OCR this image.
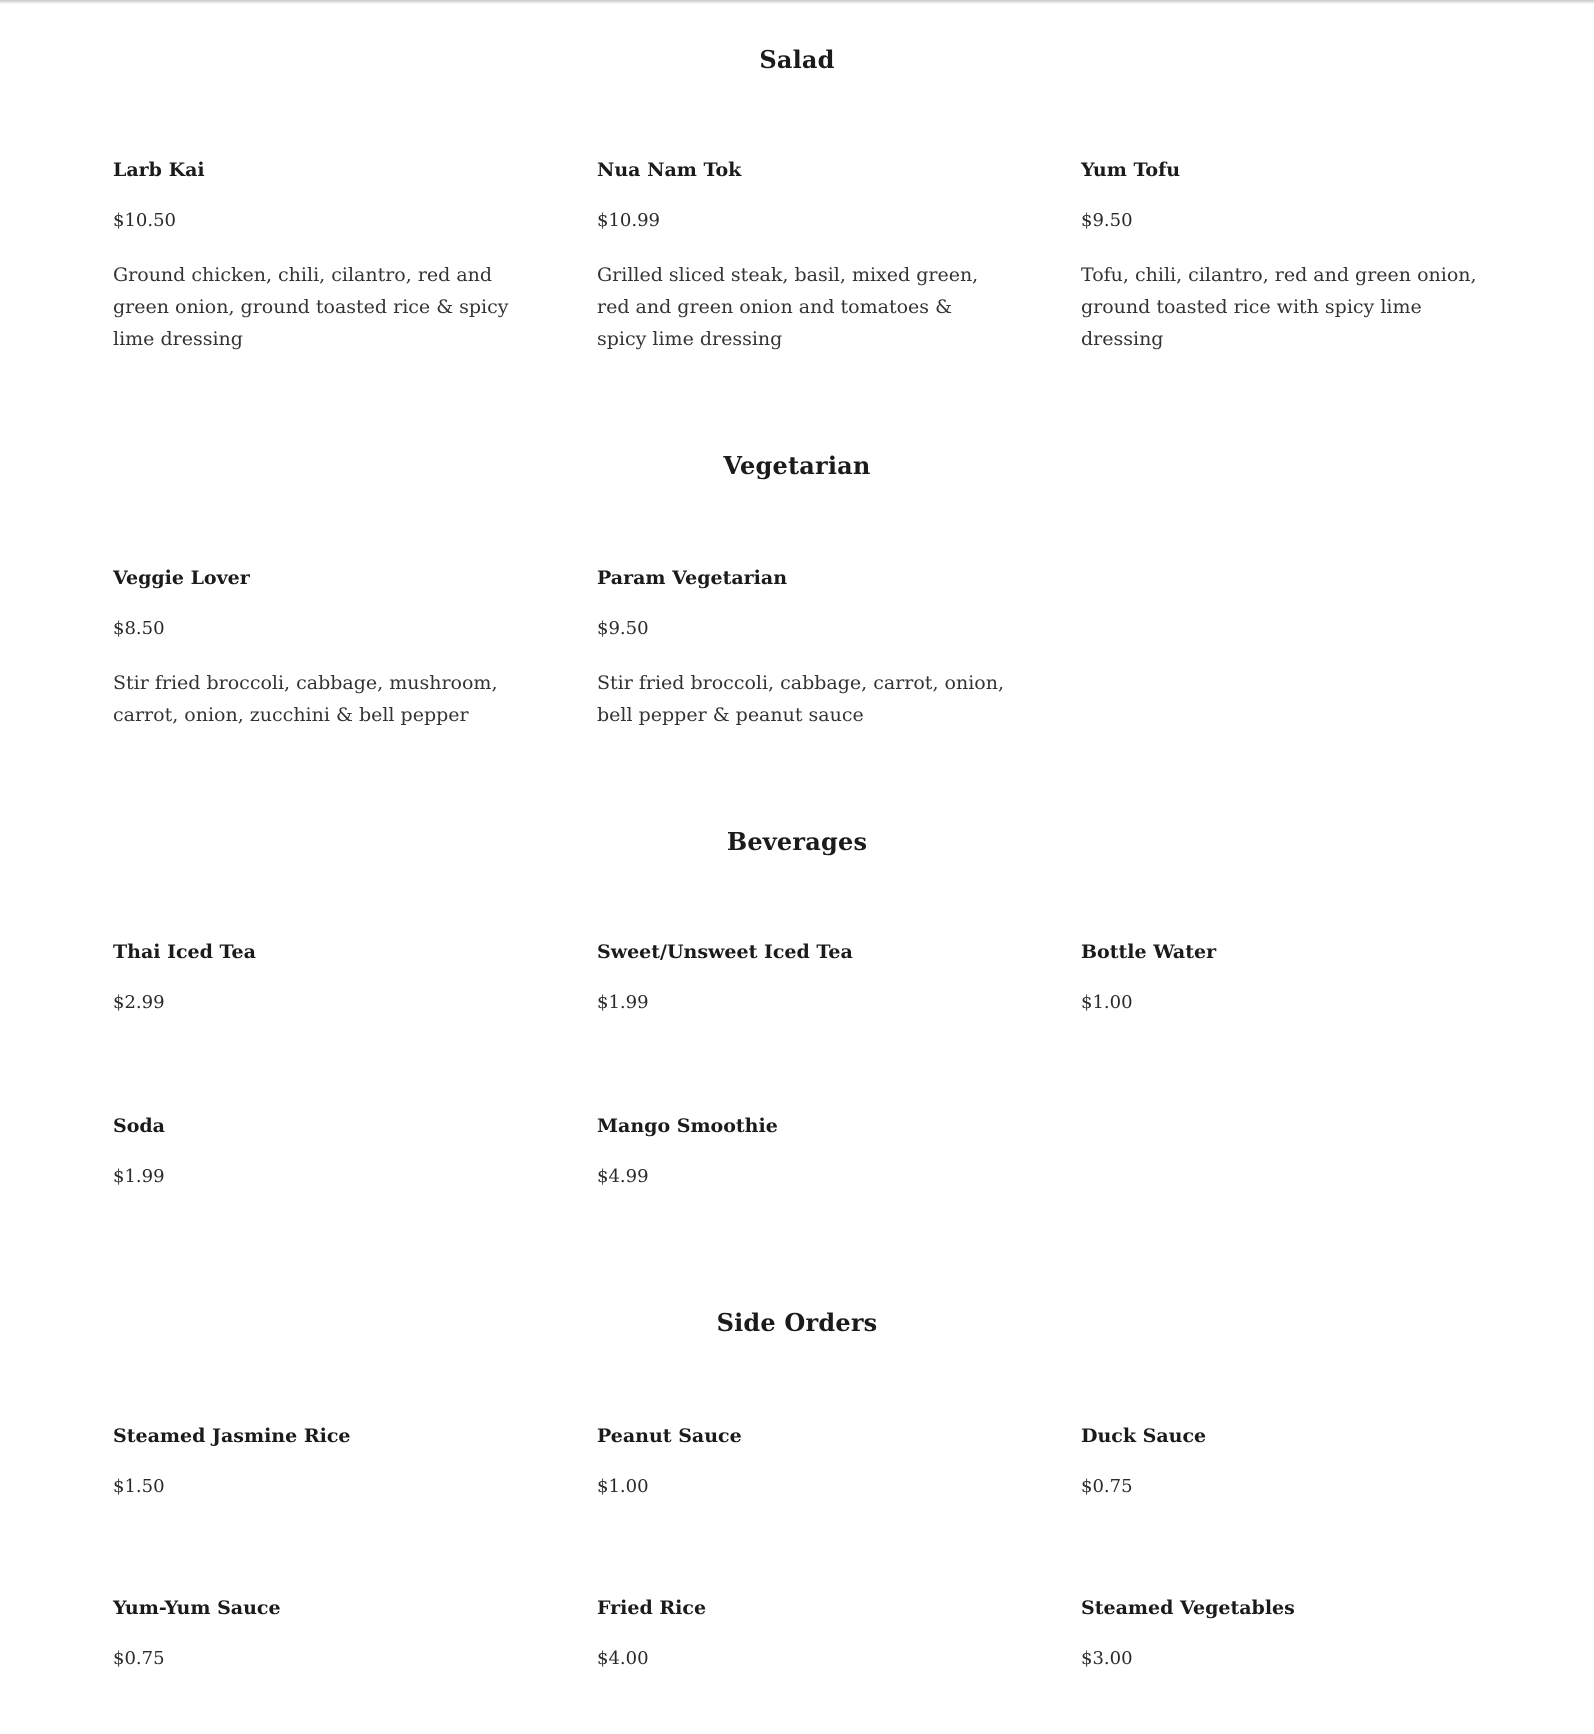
Salad

Larb Kai

$10.50

Ground chicken, chili, cilantro, red and green onion, ground toasted rice & spicy lime dressing

Nua Nam Tok

$10.99

Grilled sliced steak, basil, mixed green, red and green onion and tomatoes & spicy lime dressing

Yum Tofu

$9.50

Tofu, chili, cilantro, red and green onion, ground toasted rice with spicy lime dressing

Vegetarian

Veggie Lover

$8.50

Stir fried broccoli, cabbage, mushroom, carrot, onion, zucchini & bell pepper

Param Vegetarian

$9.50

Stir fried broccoli, cabbage, carrot, onion, bell pepper & peanut sauce

Beverages

Thai Iced Tea

$2.99

Sweet/Unsweet Iced Tea

$1.99

Bottle Water

$1.00

Soda

$1.99

Mango Smoothie

$4.99

Side Orders

Steamed Jasmine Rice

$1.50

Peanut Sauce

$1.00

Duck Sauce

$0.75

Yum-Yum Sauce

$0.75

Fried Rice

$4.00

Steamed Vegetables

$3.00
